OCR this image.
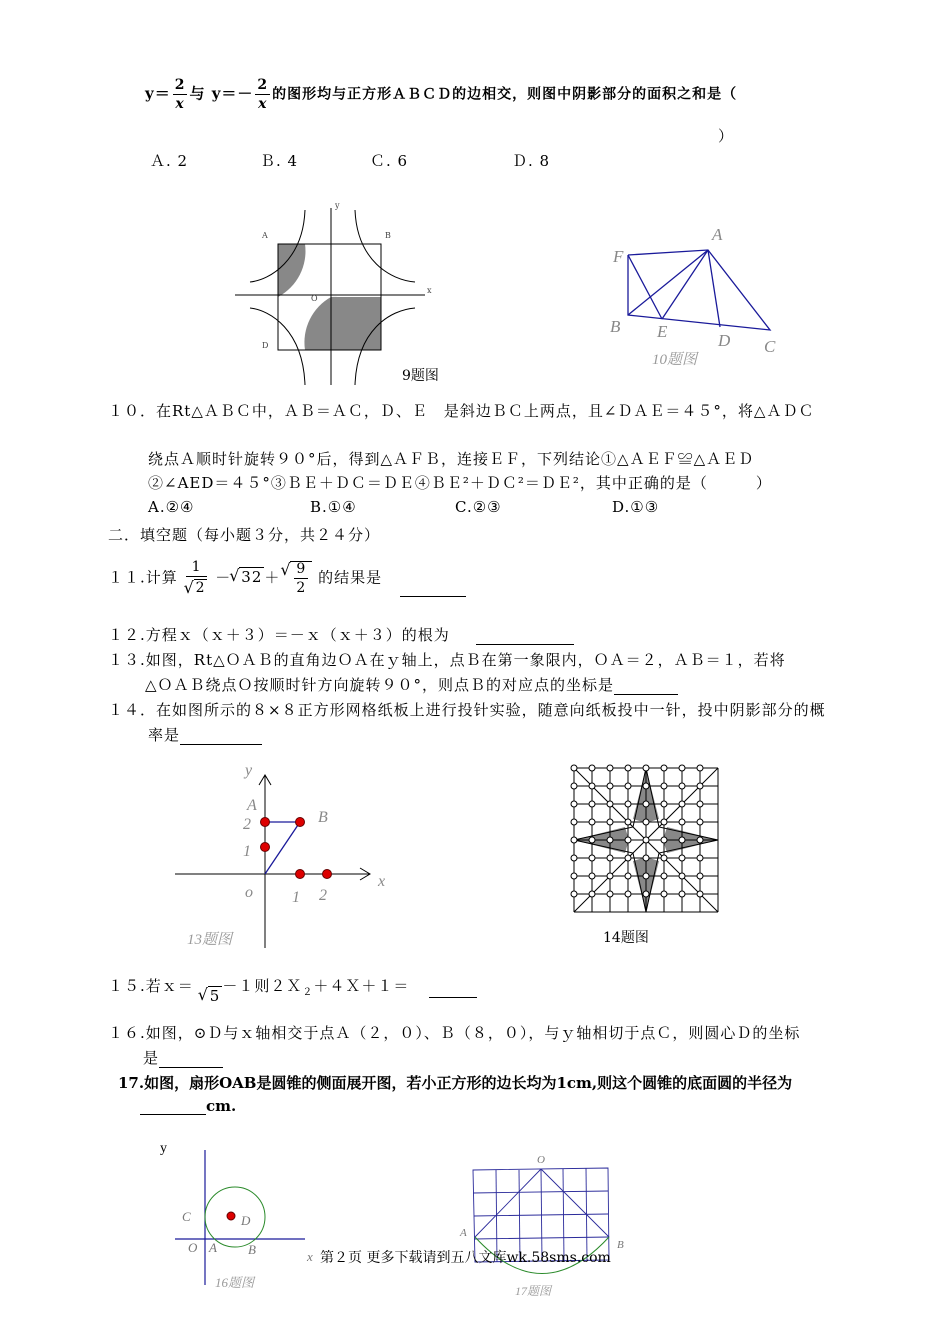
$y= \frac{2}{x}$ 与 $y=- \frac{2}{x}$ 的图形均与正方形ＡＢＣＤ的边相交，则图中阴影部分的面积之和是（
）
Ａ. 2	Ｂ. 4	Ｃ. 6	Ｄ. 8
A	B
D
O
x
y
9题图
A
F
B E	D C
10题图
１０．在Rt△ＡＢＣ中，ＡＢ＝ＡＣ，Ｄ、Ｅ　是斜边ＢＣ上两点，且∠ＤＡＥ＝４５°，将△ＡＤＣ
绕点Ａ顺时针旋转９０°后，得到△ＡＦＢ，连接ＥＦ，下列结论①△ＡＥＦ≌△ＡＥＤ
②∠AED＝４５°③ＢＥ＋ＤＣ＝ＤＥ④ＢＥ²＋ＤＣ²＝ＤＥ²，其中正确的是（　　　）
A.②④	B.①④	C.②③	D.①③
二．填空题（每小题３分，共２４分）
１１.计算 1
√ 2 － √ 32 ＋ √ $\frac{9}{2}$ 的结果是
１２.方程ｘ（ｘ＋３）＝－ｘ（ｘ＋３）的根为
１３.如图，Rt△ＯＡＢ的直角边ＯＡ在ｙ轴上，点Ｂ在第一象限内，ＯＡ＝２，ＡＢ＝１，若将
△ＯＡＢ绕点Ｏ按顺时针方向旋转９０°，则点Ｂ的对应点的坐标是
１４．在如图所示的８×８正方形网格纸板上进行投针实验，随意向纸板投中一针，投中阴影部分的概
率是
y
A
B
2
1
o 1 2
x
13题图	14题图
１５.若ｘ＝√ 5－１则２Ｘ$_2$＋４Ｘ＋１＝
１６.如图，⊙Ｄ与ｘ轴相交于点Ａ（２，０）、Ｂ（８，０），与ｙ轴相切于点Ｃ，则圆心Ｄ的坐标
是
17.如图，扇形OAB是圆锥的侧面展开图，若小正方形的边长均为1cm,则这个圆锥的底面圆的半径为
cm.
y
C	D
O A B	x
16题图
O
A
B
17题图
第２页 更多下载请到五八文库wk.58sms.com
